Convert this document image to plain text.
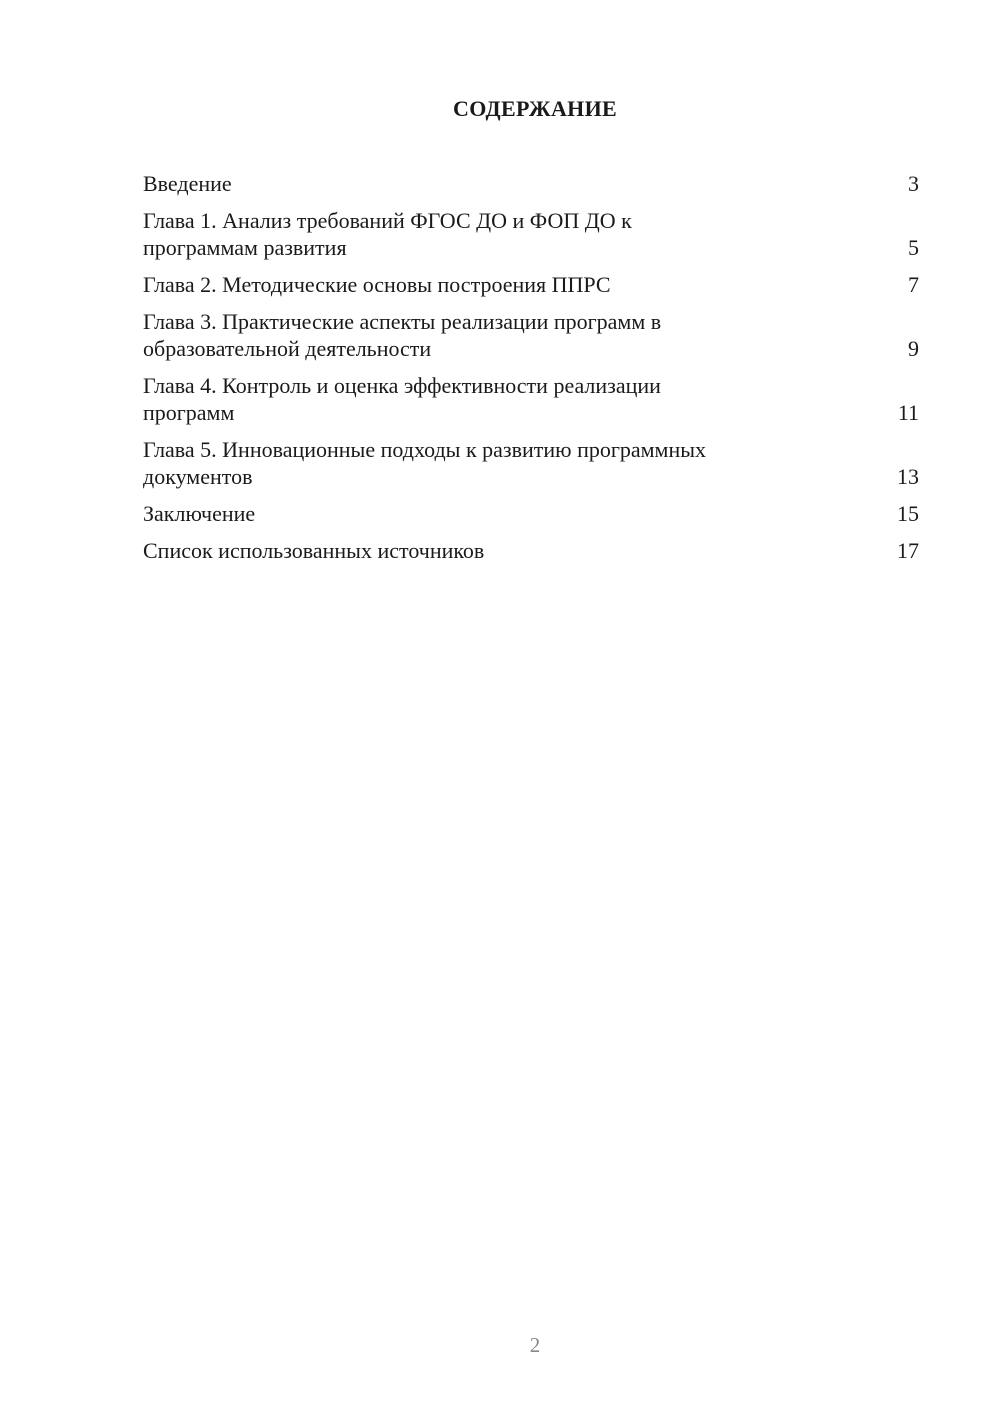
СОДЕРЖАНИЕ
Введение	3
Глава 1. Анализ требований ФГОС ДО и ФОП ДО к программам развития	5
Глава 2. Методические основы построения ППРС	7
Глава 3. Практические аспекты реализации программ в образовательной деятельности	9
Глава 4. Контроль и оценка эффективности реализации программ	11
Глава 5. Инновационные подходы к развитию программных документов	13
Заключение	15
Список использованных источников	17
2
